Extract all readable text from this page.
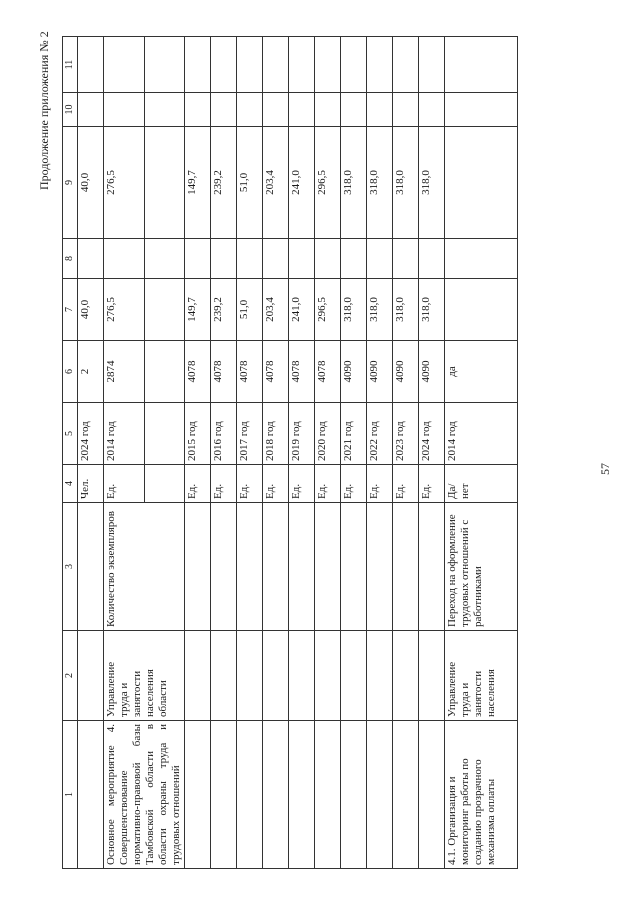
57
Продолжение приложения № 2
1	2	3	4	5	6	7	8	9	10	11
			Чел.	2024 год	2	40,0		40,0		
Основное мероприятие 4. Совершенствование нормативно-правовой базы Тамбовской области в области охраны труда и трудовых отношений	Управление труда и занятости населения области	Количество экземпляров	Ед.	2014 год	2874	276,5		276,5		

			Ед.	2015 год	4078	149,7		149,7		
			Ед.	2016 год	4078	239,2		239,2		
			Ед.	2017 год	4078	51,0		51,0		
			Ед.	2018 год	4078	203,4		203,4		
			Ед.	2019 год	4078	241,0		241,0		
			Ед.	2020 год	4078	296,5		296,5		
			Ед.	2021 год	4090	318,0		318,0		
			Ед.	2022 год	4090	318,0		318,0		
			Ед.	2023 год	4090	318,0		318,0		
			Ед.	2024 год	4090	318,0		318,0		
4.1. Организация и мониторинг работы по созданию прозрачного механизма оплаты	Управление труда и занятости населения	Переход на оформление трудовых отношений с работниками	Да/ нет	2014 год	да					
